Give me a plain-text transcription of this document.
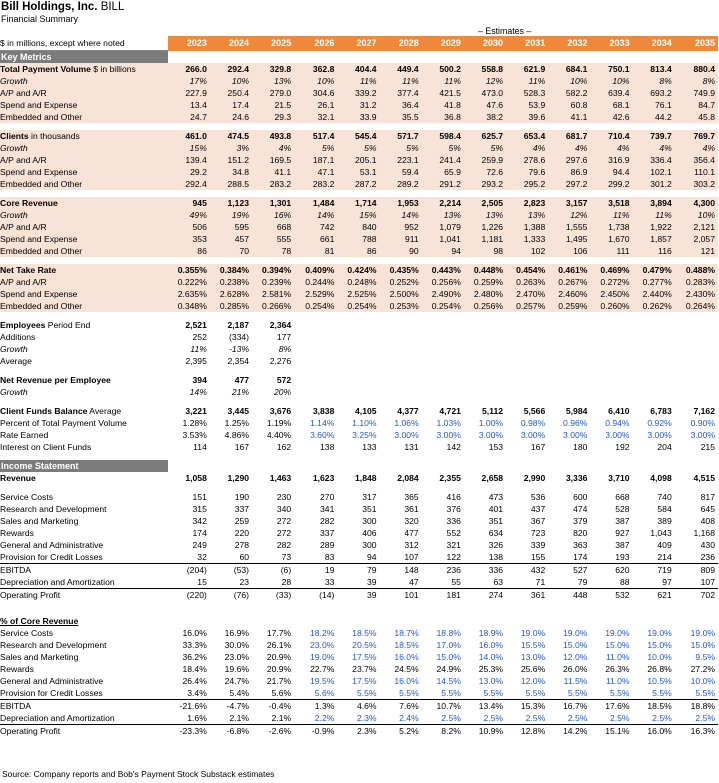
Bill Holdings, Inc. BILL
Financial Summary
– Estimates –
$ in millions, except where noted	2023	2024	2025	2026	2027	2028	2029	2030	2031	2032	2033	2034	2035
Key Metrics													
Total Payment Volume $ in billions	266.0	292.4	329.8	362.8	404.4	449.4	500.2	558.8	621.9	684.1	750.1	813.4	880.4
Growth	17%	10%	13%	10%	11%	11%	11%	12%	11%	10%	10%	8%	8%
A/P and A/R	227.9	250.4	279.0	304.6	339.2	377.4	421.5	473.0	528.3	582.2	639.4	693.2	749.9
Spend and Expense	13.4	17.4	21.5	26.1	31.2	36.4	41.8	47.6	53.9	60.8	68.1	76.1	84.7
Embedded and Other	24.7	24.6	29.3	32.1	33.9	35.5	36.8	38.2	39.6	41.1	42.6	44.2	45.8

Clients in thousands	461.0	474.5	493.8	517.4	545.4	571.7	598.4	625.7	653.4	681.7	710.4	739.7	769.7
Growth	15%	3%	4%	5%	5%	5%	5%	5%	4%	4%	4%	4%	4%
A/P and A/R	139.4	151.2	169.5	187.1	205.1	223.1	241.4	259.9	278.6	297.6	316.9	336.4	356.4
Spend and Expense	29.2	34.8	41.1	47.1	53.1	59.4	65.9	72.6	79.6	86.9	94.4	102.1	110.1
Embedded and Other	292.4	288.5	283.2	283.2	287.2	289.2	291.2	293.2	295.2	297.2	299.2	301.2	303.2

Core Revenue	945	1,123	1,301	1,484	1,714	1,953	2,214	2,505	2,823	3,157	3,518	3,894	4,300
Growth	49%	19%	16%	14%	15%	14%	13%	13%	13%	12%	11%	11%	10%
A/P and A/R	506	595	668	742	840	952	1,079	1,226	1,388	1,555	1,738	1,922	2,121
Spend and Expense	353	457	555	661	788	911	1,041	1,181	1,333	1,495	1,670	1,857	2,057
Embedded and Other	86	70	78	81	86	90	94	98	102	106	111	116	121

Net Take Rate	0.355%	0.384%	0.394%	0.409%	0.424%	0.435%	0.443%	0.448%	0.454%	0.461%	0.469%	0.479%	0.488%
A/P and A/R	0.222%	0.238%	0.239%	0.244%	0.248%	0.252%	0.256%	0.259%	0.263%	0.267%	0.272%	0.277%	0.283%
Spend and Expense	2.635%	2.628%	2.581%	2.529%	2.525%	2.500%	2.490%	2.480%	2.470%	2.460%	2.450%	2.440%	2.430%
Embedded and Other	0.348%	0.285%	0.266%	0.254%	0.254%	0.253%	0.254%	0.256%	0.257%	0.259%	0.260%	0.262%	0.264%

Employees Period End	2,521	2,187	2,364										
Additions	252	(334)	177										
Growth	11%	-13%	8%										
Average	2,395	2,354	2,276										

Net Revenue per Employee	394	477	572										
Growth	14%	21%	20%										

Client Funds Balance Average	3,221	3,445	3,676	3,838	4,105	4,377	4,721	5,112	5,566	5,984	6,410	6,783	7,162
Percent of Total Payment Volume	1.28%	1.25%	1.19%	1.14%	1.10%	1.06%	1.03%	1.00%	0.98%	0.96%	0.94%	0.92%	0.90%
Rate Earned	3.53%	4.86%	4.40%	3.60%	3.25%	3.00%	3.00%	3.00%	3.00%	3.00%	3.00%	3.00%	3.00%
Interest on Client Funds	114	167	162	138	133	131	142	153	167	180	192	204	215

Income Statement													
Revenue	1,058	1,290	1,463	1,623	1,848	2,084	2,355	2,658	2,990	3,336	3,710	4,098	4,515

Service Costs	151	190	230	270	317	365	416	473	536	600	668	740	817
Research and Development	315	337	340	341	351	361	376	401	437	474	528	584	645
Sales and Marketing	342	259	272	282	300	320	336	351	367	379	387	389	408
Rewards	174	220	272	337	406	477	552	634	723	820	927	1,043	1,168
General and Administrative	249	278	282	289	300	312	321	326	339	363	387	409	430
Provision for Credit Losses	32	60	73	83	94	107	122	138	155	174	193	214	236
EBITDA	(204)	(53)	(6)	19	79	148	236	336	432	527	620	719	809
Depreciation and Amortization	15	23	28	33	39	47	55	63	71	79	88	97	107
Operating Profit	(220)	(76)	(33)	(14)	39	101	181	274	361	448	532	621	702

% of Core Revenue													
Service Costs	16.0%	16.9%	17.7%	18.2%	18.5%	18.7%	18.8%	18.9%	19.0%	19.0%	19.0%	19.0%	19.0%
Research and Development	33.3%	30.0%	26.1%	23.0%	20.5%	18.5%	17.0%	16.0%	15.5%	15.0%	15.0%	15.0%	15.0%
Sales and Marketing	36.2%	23.0%	20.9%	19.0%	17.5%	16.0%	15.0%	14.0%	13.0%	12.0%	11.0%	10.0%	9.5%
Rewards	18.4%	19.6%	20.9%	22.7%	23.7%	24.5%	24.9%	25.3%	25.6%	26.0%	26.3%	26.8%	27.2%
General and Administrative	26.4%	24.7%	21.7%	19.5%	17.5%	16.0%	14.5%	13.0%	12.0%	11.5%	11.0%	10.5%	10.0%
Provision for Credit Losses	3.4%	5.4%	5.6%	5.6%	5.5%	5.5%	5.5%	5.5%	5.5%	5.5%	5.5%	5.5%	5.5%
EBITDA	-21.6%	-4.7%	-0.4%	1.3%	4.6%	7.6%	10.7%	13.4%	15.3%	16.7%	17.6%	18.5%	18.8%
Depreciation and Amortization	1.6%	2.1%	2.1%	2.2%	2.3%	2.4%	2.5%	2.5%	2.5%	2.5%	2.5%	2.5%	2.5%
Operating Profit	-23.3%	-6.8%	-2.6%	-0.9%	2.3%	5.2%	8.2%	10.9%	12.8%	14.2%	15.1%	16.0%	16.3%
Source: Company reports and Bob's Payment Stock Substack estimates
